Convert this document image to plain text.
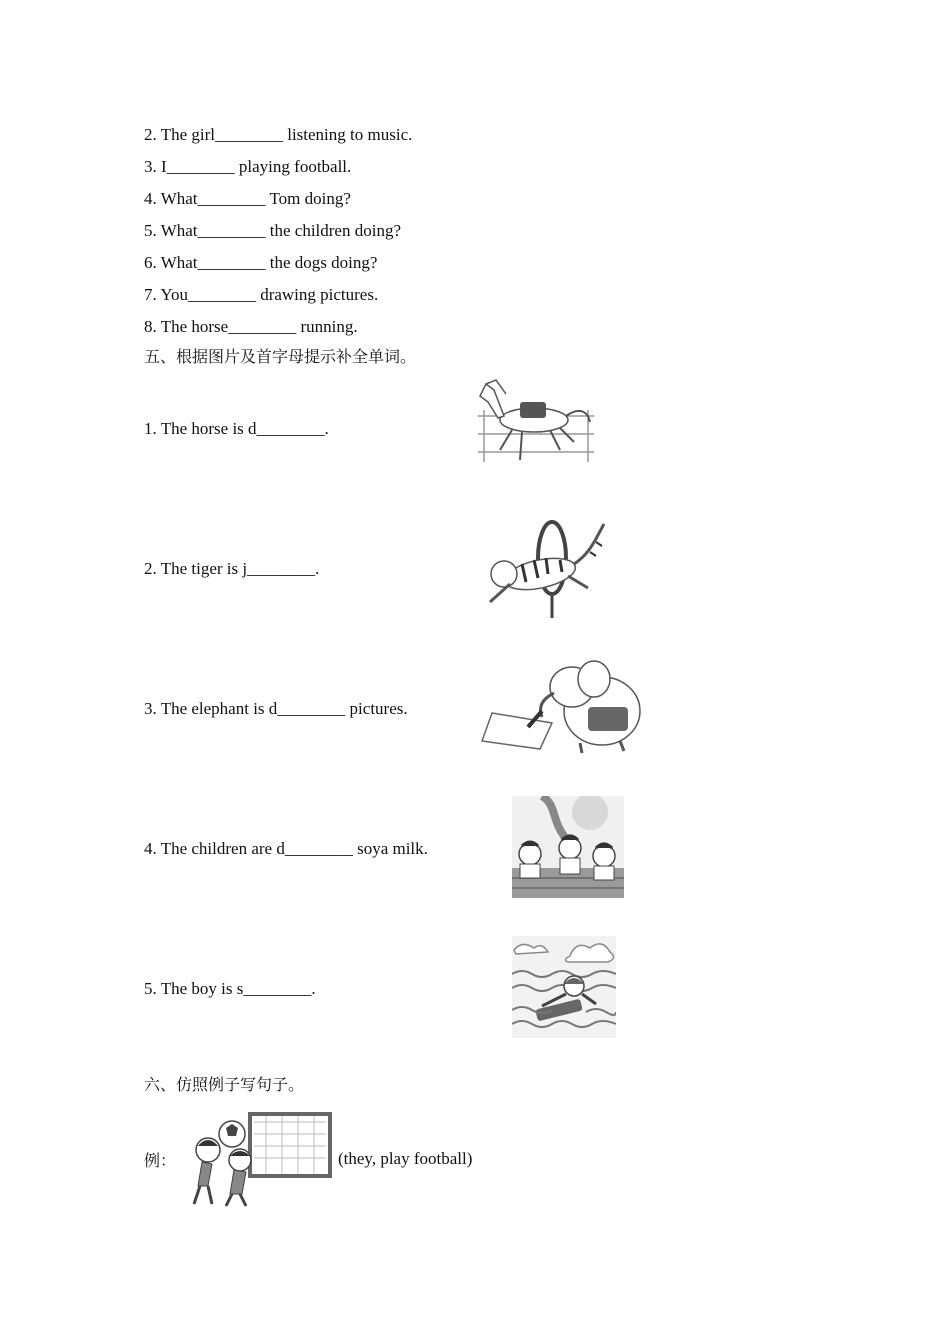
2. The girl________ listening to music.
3. I________ playing football.
4. What________ Tom doing?
5. What________ the children doing?
6. What________ the dogs doing?
7. You________ drawing pictures.
8. The horse________ running.
五、根据图片及首字母提示补全单词。
1. The horse is d________.
2. The tiger is j________.
3. The elephant is d________ pictures.
4. The children are d________ soya milk.
5. The boy is s________.
六、仿照例子写句子。
例：	(they, play football)
